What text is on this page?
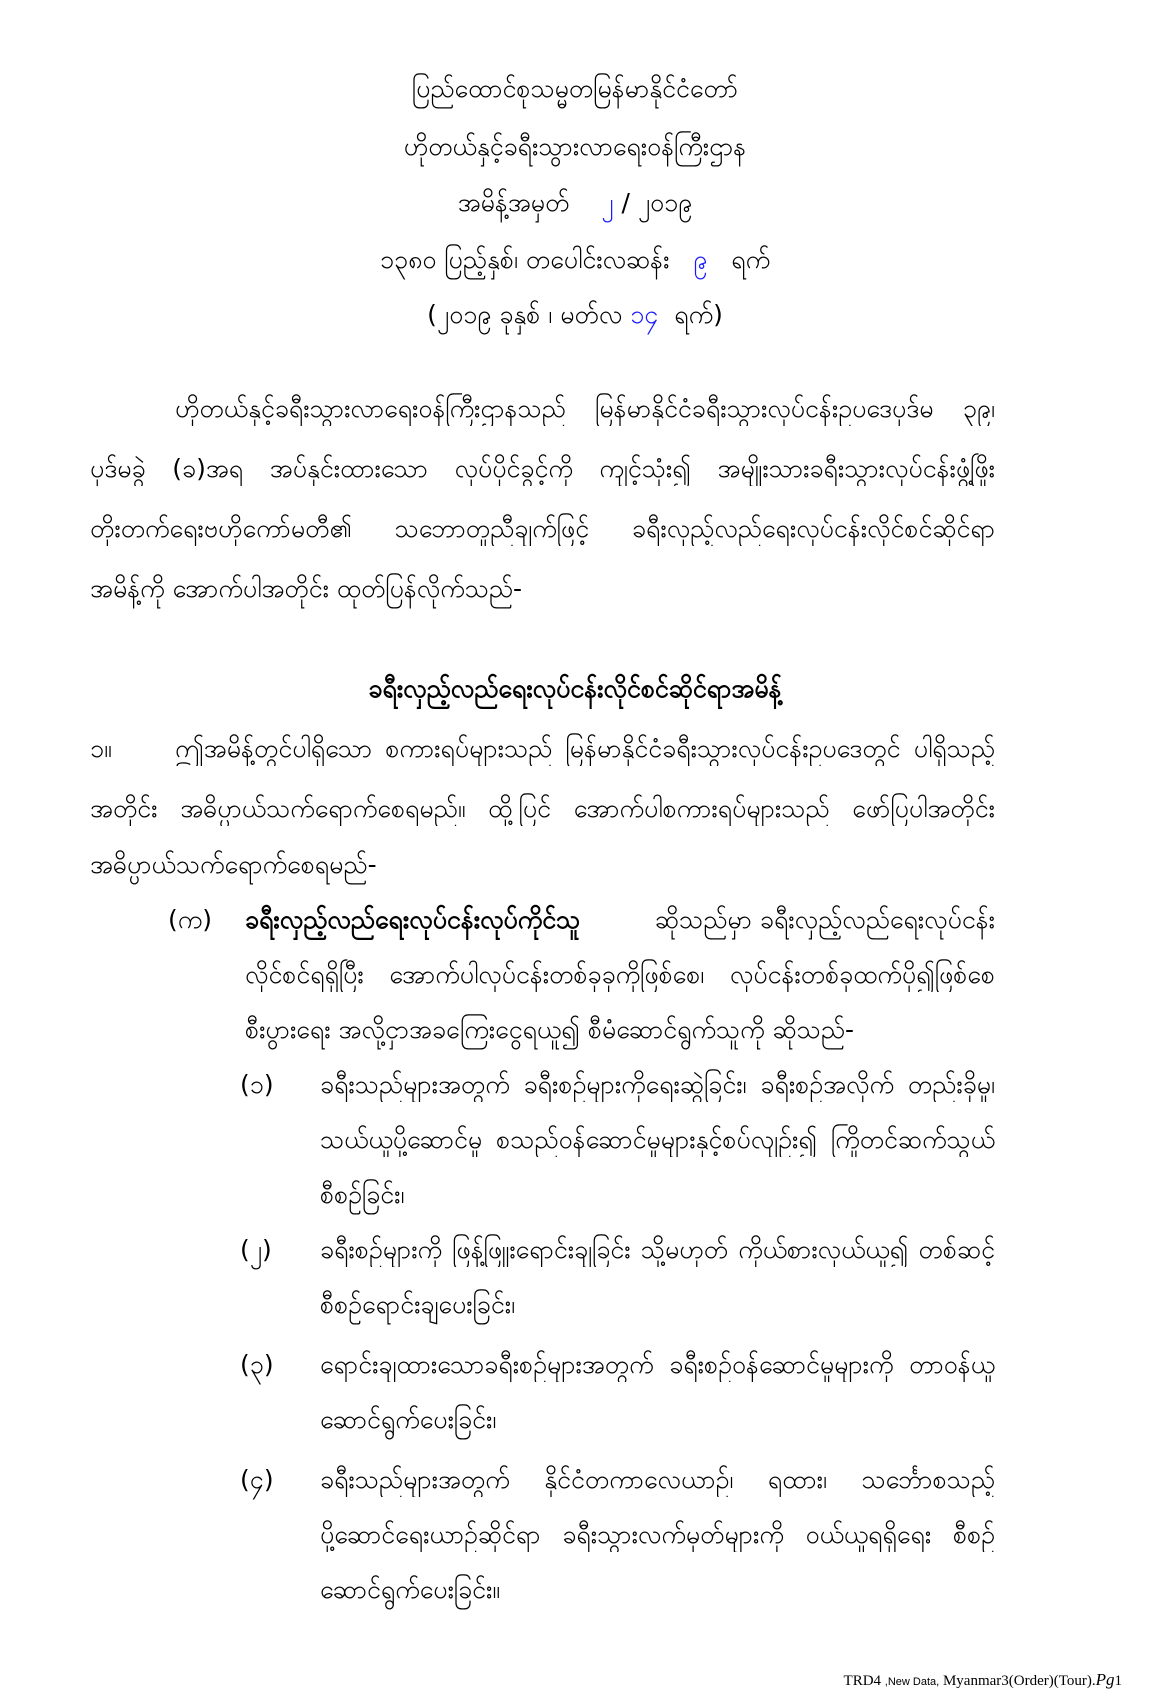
ပြည်ထောင်စုသမ္မတမြန်မာနိုင်ငံတော်
ဟိုတယ်နှင့်ခရီးသွားလာရေးဝန်ကြီးဌာန
အမိန့်အမှတ် ၂ / ၂၀၁၉
၁၃၈၀ ပြည့်နှစ်၊ တပေါင်းလဆန်း ၉ ရက်
(၂၀၁၉ ခုနှစ် ၊ မတ်လ ၁၄ ရက်)
ဟိုတယ်နှင့်ခရီးသွားလာရေးဝန်ကြီးဌာနသည် မြန်မာနိုင်ငံခရီးသွားလုပ်ငန်းဥပဒေပုဒ်မ ၃၉၊
ပုဒ်မခွဲ (ခ)အရ အပ်နှင်းထားသော လုပ်ပိုင်ခွင့်ကို ကျင့်သုံး၍ အမျိုးသားခရီးသွားလုပ်ငန်းဖွံ့ဖြိုး
တိုးတက်ရေးဗဟိုကော်မတီ၏ သဘောတူညီချက်ဖြင့် ခရီးလှည့်လည်ရေးလုပ်ငန်းလိုင်စင်ဆိုင်ရာ
အမိန့်ကို အောက်ပါအတိုင်း ထုတ်ပြန်လိုက်သည်-
ခရီးလှည့်လည်ရေးလုပ်ငန်းလိုင်စင်ဆိုင်ရာအမိန့်
၁။	ဤအမိန့်တွင်ပါရှိသော စကားရပ်များသည် မြန်မာနိုင်ငံခရီးသွားလုပ်ငန်းဥပဒေတွင် ပါရှိသည့်
အတိုင်း အဓိပ္ပာယ်သက်ရောက်စေရမည်။ ထို့ပြင် အောက်ပါစကားရပ်များသည် ဖော်ပြပါအတိုင်း
အဓိပ္ပာယ်သက်ရောက်စေရမည်-
(က) ခရီးလှည့်လည်ရေးလုပ်ငန်းလုပ်ကိုင်သူ	ဆိုသည်မှာ ခရီးလှည့်လည်ရေးလုပ်ငန်း
လိုင်စင်ရရှိပြီး အောက်ပါလုပ်ငန်းတစ်ခုခုကိုဖြစ်စေ၊ လုပ်ငန်းတစ်ခုထက်ပို၍ဖြစ်စေ
စီးပွားရေး အလို့ငှာအခကြေးငွေရယူ၍ စီမံဆောင်ရွက်သူကို ဆိုသည်-
(၁) ခရီးသည်များအတွက် ခရီးစဉ်များကိုရေးဆွဲခြင်း၊ ခရီးစဉ်အလိုက် တည်းခိုမှု၊
သယ်ယူပို့ဆောင်မှု စသည်ဝန်ဆောင်မှုများနှင့်စပ်လျဉ်း၍ ကြိုတင်ဆက်သွယ်
စီစဉ်ခြင်း၊
(၂) ခရီးစဉ်များကို ဖြန့်ဖြူးရောင်းချခြင်း သို့မဟုတ် ကိုယ်စားလှယ်ယူ၍ တစ်ဆင့်
စီစဉ်ရောင်းချပေးခြင်း၊
(၃) ရောင်းချထားသောခရီးစဉ်များအတွက် ခရီးစဉ်ဝန်ဆောင်မှုများကို တာဝန်ယူ
ဆောင်ရွက်ပေးခြင်း၊
(၄) ခရီးသည်များအတွက် နိုင်ငံတကာလေယာဉ်၊ ရထား၊ သင်္ဘောစသည့်
ပို့ဆောင်ရေးယာဉ်ဆိုင်ရာ ခရီးသွားလက်မှတ်များကို ဝယ်ယူရရှိရေး စီစဉ်
ဆောင်ရွက်ပေးခြင်း။
TRD4 ,New Data, Myanmar3(Order)(Tour).Pg1
